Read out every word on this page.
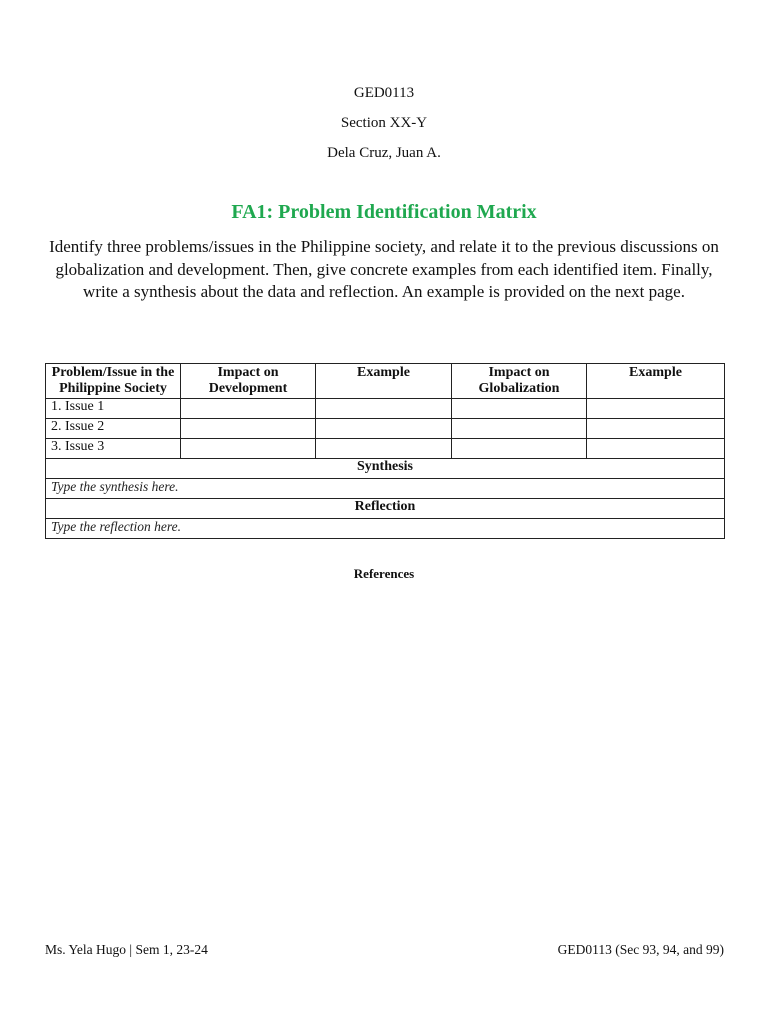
GED0113
Section XX-Y
Dela Cruz, Juan A.
FA1: Problem Identification Matrix
Identify three problems/issues in the Philippine society, and relate it to the previous discussions on globalization and development. Then, give concrete examples from each identified item. Finally, write a synthesis about the data and reflection. An example is provided on the next page.
Problem/Issue in the Philippine Society	Impact on Development	Example	Impact on Globalization	Example
1. Issue 1				
2. Issue 2				
3. Issue 3				
Synthesis				
Type the synthesis here.				
Reflection				
Type the reflection here.				
References
Ms. Yela Hugo | Sem 1, 23-24	GED0113 (Sec 93, 94, and 99)
